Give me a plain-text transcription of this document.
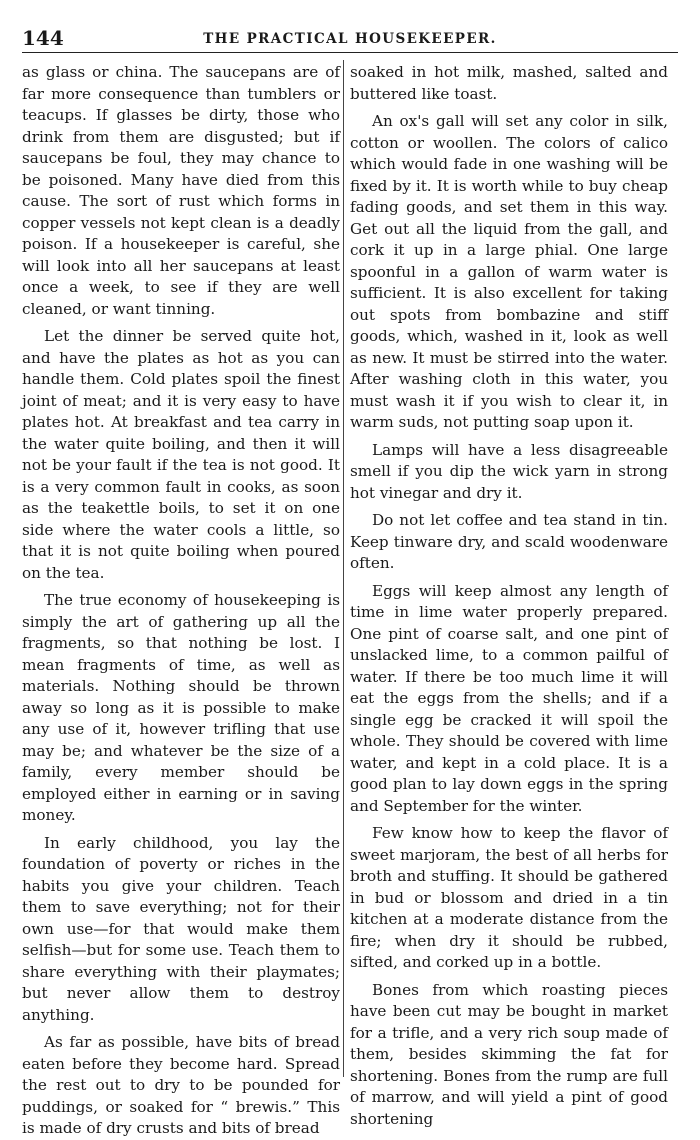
144	THE PRACTICAL HOUSEKEEPER.

as glass or china. The saucepans are of far more consequence than tumblers or teacups. If glasses be dirty, those who drink from them are disgusted; but if saucepans be foul, they may chance to be poisoned. Many have died from this cause. The sort of rust which forms in copper vessels not kept clean is a deadly poison. If a housekeeper is careful, she will look into all her saucepans at least once a week, to see if they are well cleaned, or want tinning.

Let the dinner be served quite hot, and have the plates as hot as you can handle them. Cold plates spoil the finest joint of meat; and it is very easy to have plates hot. At breakfast and tea carry in the water quite boiling, and then it will not be your fault if the tea is not good. It is a very common fault in cooks, as soon as the teakettle boils, to set it on one side where the water cools a little, so that it is not quite boiling when poured on the tea.

The true economy of housekeeping is simply the art of gathering up all the fragments, so that nothing be lost. I mean fragments of time, as well as materials. Nothing should be thrown away so long as it is possible to make any use of it, however trifling that use may be; and whatever be the size of a family, every member should be employed either in earning or in saving money.

In early childhood, you lay the foundation of poverty or riches in the habits you give your children. Teach them to save everything; not for their own use—for that would make them selfish—but for some use. Teach them to share everything with their playmates; but never allow them to destroy anything.

As far as possible, have bits of bread eaten before they become hard. Spread the rest out to dry to be pounded for puddings, or soaked for “ brewis.” This is made of dry crusts and bits of bread

soaked in hot milk, mashed, salted and buttered like toast.

An ox's gall will set any color in silk, cotton or woollen. The colors of calico which would fade in one washing will be fixed by it. It is worth while to buy cheap fading goods, and set them in this way. Get out all the liquid from the gall, and cork it up in a large phial. One large spoonful in a gallon of warm water is sufficient. It is also excellent for taking out spots from bombazine and stiff goods, which, washed in it, look as well as new. It must be stirred into the water. After washing cloth in this water, you must wash it if you wish to clear it, in warm suds, not putting soap upon it.

Lamps will have a less disagreeable smell if you dip the wick yarn in strong hot vinegar and dry it.

Do not let coffee and tea stand in tin. Keep tinware dry, and scald woodenware often.

Eggs will keep almost any length of time in lime water properly prepared. One pint of coarse salt, and one pint of unslacked lime, to a common pailful of water. If there be too much lime it will eat the eggs from the shells; and if a single egg be cracked it will spoil the whole. They should be covered with lime water, and kept in a cold place. It is a good plan to lay down eggs in the spring and September for the winter.

Few know how to keep the flavor of sweet marjoram, the best of all herbs for broth and stuffing. It should be gathered in bud or blossom and dried in a tin kitchen at a moderate distance from the fire; when dry it should be rubbed, sifted, and corked up in a bottle.

Bones from which roasting pieces have been cut may be bought in market for a trifle, and a very rich soup made of them, besides skimming the fat for shortening. Bones from the rump are full of marrow, and will yield a pint of good shortening
